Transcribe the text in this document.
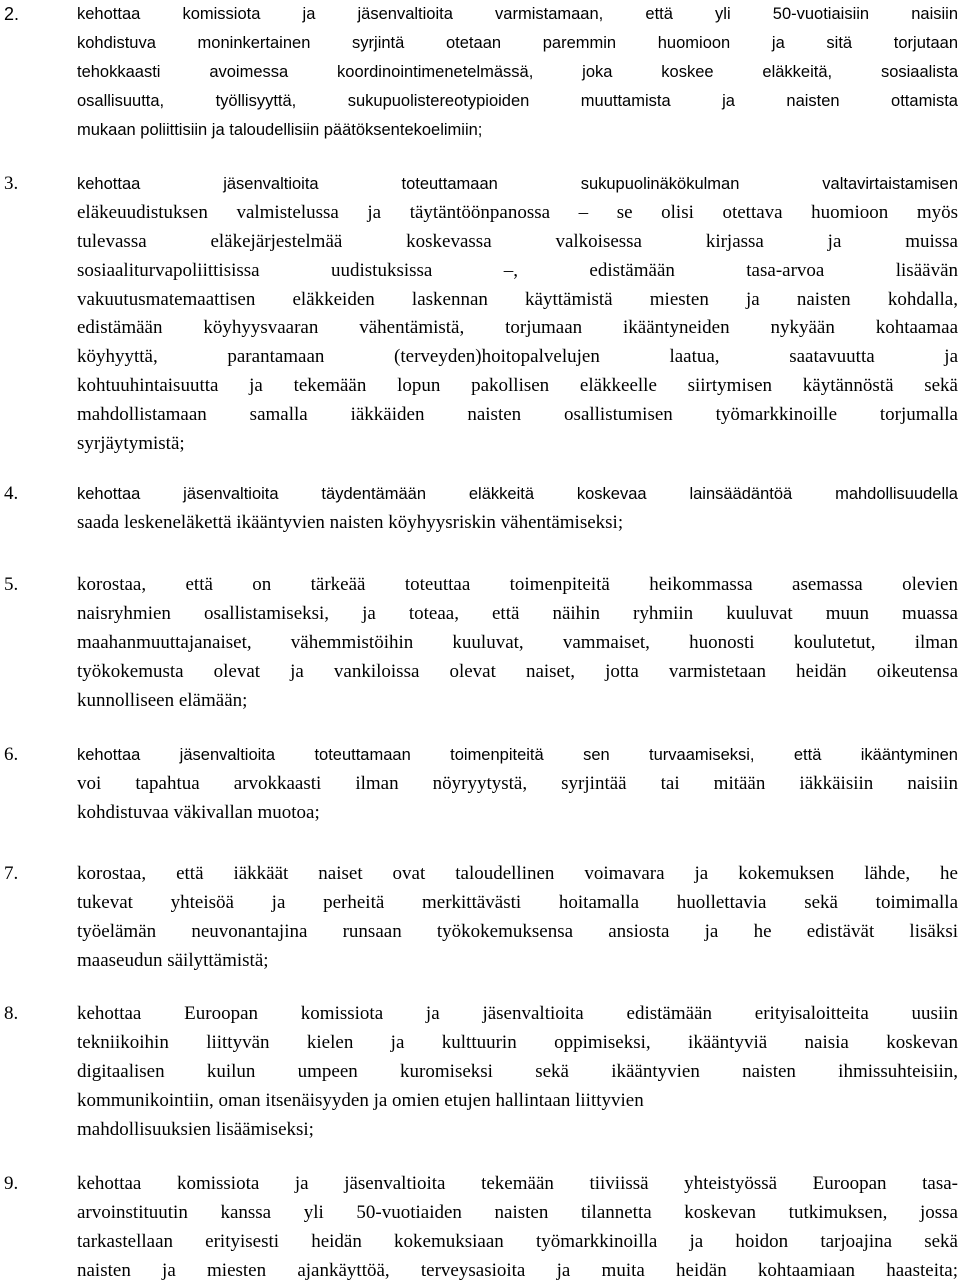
2.	kehottaa komissiota ja jäsenvaltioita varmistamaan, että yli 50-vuotiaisiin naisiin
kohdistuva moninkertainen syrjintä otetaan paremmin huomioon ja sitä torjutaan
tehokkaasti avoimessa koordinointimenetelmässä, joka koskee eläkkeitä, sosiaalista
osallisuutta, työllisyyttä, sukupuolistereotypioiden muuttamista ja naisten ottamista
mukaan poliittisiin ja taloudellisiin päätöksentekoelimiin;
3.	kehottaa jäsenvaltioita toteuttamaan sukupuolinäkökulman valtavirtaistamisen
eläkeuudistuksen valmistelussa ja täytäntöönpanossa – se olisi otettava huomioon myös
tulevassa eläkejärjestelmää koskevassa valkoisessa kirjassa ja muissa
sosiaaliturvapoliittisissa uudistuksissa –, edistämään tasa-arvoa lisäävän
vakuutusmatemaattisen eläkkeiden laskennan käyttämistä miesten ja naisten kohdalla,
edistämään köyhyysvaaran vähentämistä, torjumaan ikääntyneiden nykyään kohtaamaa
köyhyyttä, parantamaan (terveyden)hoitopalvelujen laatua, saatavuutta ja
kohtuuhintaisuutta ja tekemään lopun pakollisen eläkkeelle siirtymisen käytännöstä sekä
mahdollistamaan samalla iäkkäiden naisten osallistumisen työmarkkinoille torjumalla
syrjäytymistä;
4.	kehottaa jäsenvaltioita täydentämään eläkkeitä koskevaa lainsäädäntöä mahdollisuudella
saada leskeneläkettä ikääntyvien naisten köyhyysriskin vähentämiseksi;
5.	korostaa, että on tärkeää toteuttaa toimenpiteitä heikommassa asemassa olevien
naisryhmien osallistamiseksi, ja toteaa, että näihin ryhmiin kuuluvat muun muassa
maahanmuuttajanaiset, vähemmistöihin kuuluvat, vammaiset, huonosti koulutetut, ilman
työkokemusta olevat ja vankiloissa olevat naiset, jotta varmistetaan heidän oikeutensa
kunnolliseen elämään;
6.	kehottaa jäsenvaltioita toteuttamaan toimenpiteitä sen turvaamiseksi, että ikääntyminen
voi tapahtua arvokkaasti ilman nöyryytystä, syrjintää tai mitään iäkkäisiin naisiin
kohdistuvaa väkivallan muotoa;
7.	korostaa, että iäkkäät naiset ovat taloudellinen voimavara ja kokemuksen lähde, he
tukevat yhteisöä ja perheitä merkittävästi hoitamalla huollettavia sekä toimimalla
työelämän neuvonantajina runsaan työkokemuksensa ansiosta ja he edistävät lisäksi
maaseudun säilyttämistä;
8.	kehottaa Euroopan komissiota ja jäsenvaltioita edistämään erityisaloitteita uusiin
tekniikoihin liittyvän kielen ja kulttuurin oppimiseksi, ikääntyviä naisia koskevan
digitaalisen kuilun umpeen kuromiseksi sekä ikääntyvien naisten ihmissuhteisiin,
kommunikointiin, oman itsenäisyyden ja omien etujen hallintaan liittyvien
mahdollisuuksien lisäämiseksi;
9.	kehottaa komissiota ja jäsenvaltioita tekemään tiiviissä yhteistyössä Euroopan tasa-
arvoinstituutin kanssa yli 50-vuotiaiden naisten tilannetta koskevan tutkimuksen, jossa
tarkastellaan erityisesti heidän kokemuksiaan työmarkkinoilla ja hoidon tarjoajina sekä
naisten ja miesten ajankäyttöä, terveysasioita ja muita heidän kohtaamiaan haasteita;
